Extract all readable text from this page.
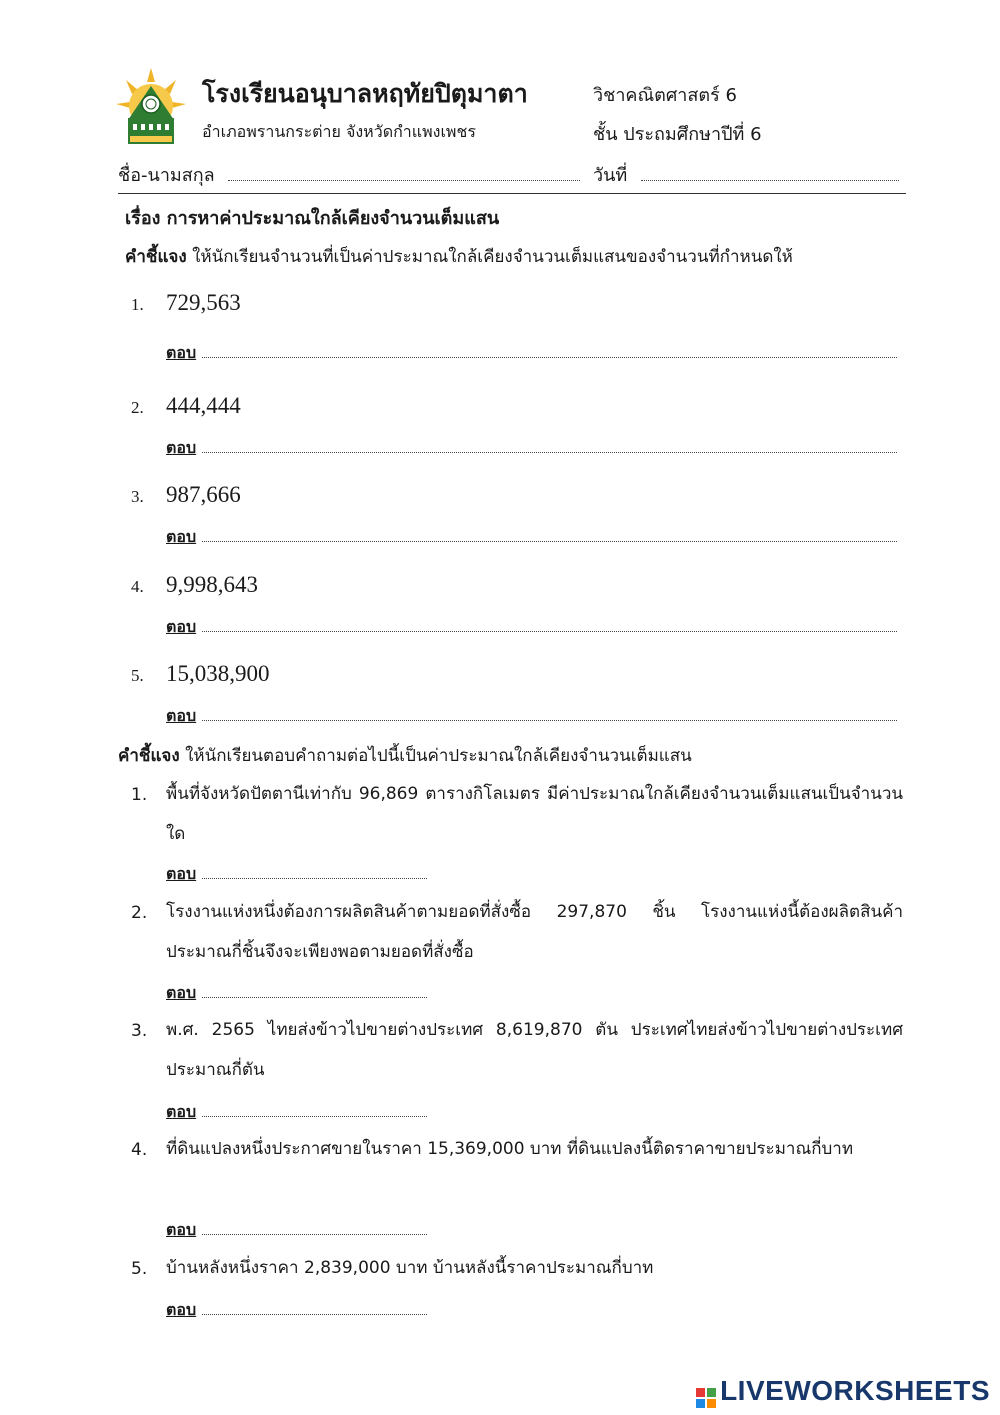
โรงเรียนอนุบาลหฤทัยปิตุมาตา
อำเภอพรานกระต่าย จังหวัดกำแพงเพชร
วิชาคณิตศาสตร์ 6
ชั้น ประถมศึกษาปีที่ 6
ชื่อ-นามสกุล	วันที่
เรื่อง การหาค่าประมาณใกล้เคียงจำนวนเต็มแสน
คำชี้แจง ให้นักเรียนจำนวนที่เป็นค่าประมาณใกล้เคียงจำนวนเต็มแสนของจำนวนที่กำหนดให้
1. 729,563
ตอบ
2. 444,444
ตอบ
3. 987,666
ตอบ
4. 9,998,643
ตอบ
5. 15,038,900
ตอบ
คำชี้แจง ให้นักเรียนตอบคำถามต่อไปนี้เป็นค่าประมาณใกล้เคียงจำนวนเต็มแสน
1. พื้นที่จังหวัดปัตตานีเท่ากับ 96,869 ตารางกิโลเมตร มีค่าประมาณใกล้เคียงจำนวนเต็มแสนเป็นจำนวนใด
ตอบ
2. โรงงานแห่งหนึ่งต้องการผลิตสินค้าตามยอดที่สั่งซื้อ 297,870 ชิ้น โรงงานแห่งนี้ต้องผลิตสินค้าประมาณกี่ชิ้นจึงจะเพียงพอตามยอดที่สั่งซื้อ
ตอบ
3. พ.ศ. 2565 ไทยส่งข้าวไปขายต่างประเทศ 8,619,870 ตัน ประเทศไทยส่งข้าวไปขายต่างประเทศประมาณกี่ตัน
ตอบ
4. ที่ดินแปลงหนึ่งประกาศขายในราคา 15,369,000 บาท ที่ดินแปลงนี้ติดราคาขายประมาณกี่บาท
ตอบ
5. บ้านหลังหนึ่งราคา 2,839,000 บาท บ้านหลังนี้ราคาประมาณกี่บาท
ตอบ
LIVEWORKSHEETS
